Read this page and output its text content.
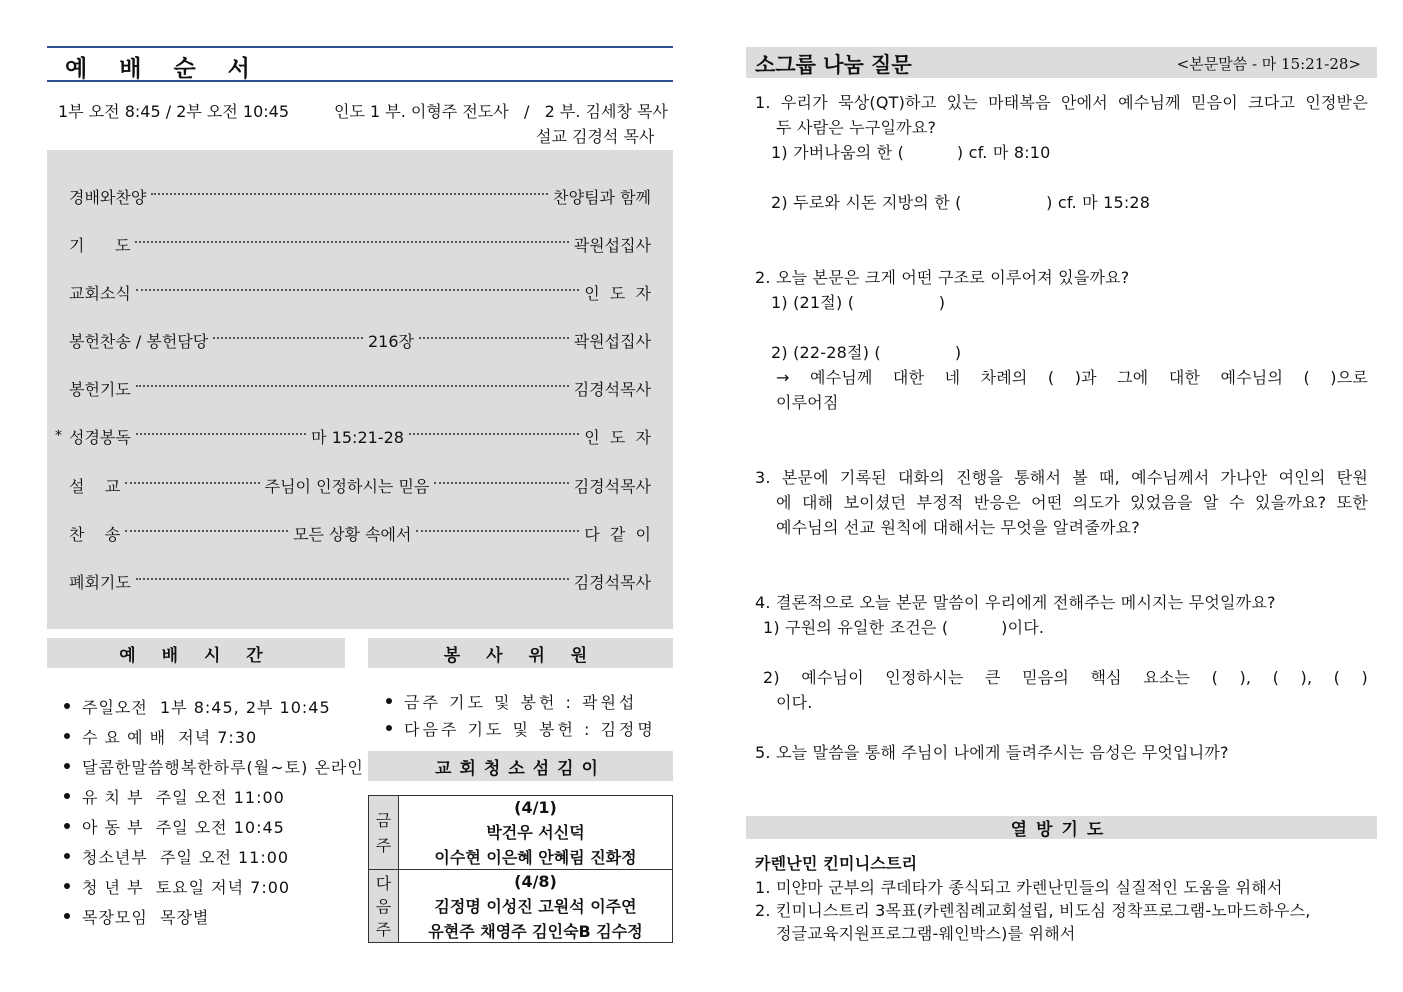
예 배 순 서
1부 오전 8:45 / 2부 오전 10:45	인도 1 부. 이형주 전도사   /   2 부. 김세창 목사
설교 김경석 목사
경배와찬양	찬양팀과 함께
기      도	곽원섭집사
교회소식	인  도  자
봉헌찬송 / 봉헌담당	216장	곽원섭집사
봉헌기도	김경석목사
* 성경봉독	마 15:21-28	인  도  자
설    교	주님이 인정하시는 믿음	김경석목사
찬    송	모든 상황 속에서	다  같  이
폐회기도	김경석목사
예 배 시 간
주일오전  1부 8:45, 2부 10:45
수 요 예 배  저녁 7:30
달콤한말씀행복한하루(월~토) 온라인
유 치 부  주일 오전 11:00
아 동 부  주일 오전 10:45
청소년부  주일 오전 11:00
청 년 부  토요일 저녁 7:00
목장모임  목장별
봉 사 위 원
금주 기도 및 봉헌 : 곽원섭
다음주 기도 및 봉헌 : 김정명
교회청소섬김이
금
주
(4/1)
박건우 서신덕
이수현 이은혜 안혜림 진화정
다
음
주
(4/8)
김정명 이성진 고원석 이주연
유현주 채영주 김인숙B 김수정
소그룹 나눔 질문	<본문말씀 - 마 15:21-28>
1. 우리가 묵상(QT)하고 있는 마태복음 안에서 예수님께 믿음이 크다고 인정받은
두 사람은 누구일까요?
1) 가버나움의 한 (          ) cf. 마 8:10
2) 두로와 시돈 지방의 한 (                ) cf. 마 15:28
2. 오늘 본문은 크게 어떤 구조로 이루어져 있을까요?
1) (21절) (                )
2) (22-28절) (              )
→ 예수님께 대한 네 차례의 ( )과 그에 대한 예수님의 ( )으로
이루어짐
3. 본문에 기록된 대화의 진행을 통해서 볼 때, 예수님께서 가나안 여인의 탄원
에 대해 보이셨던 부정적 반응은 어떤 의도가 있었음을 알 수 있을까요? 또한
예수님의 선교 원칙에 대해서는 무엇을 알려줄까요?
4. 결론적으로 오늘 본문 말씀이 우리에게 전해주는 메시지는 무엇일까요?
1) 구원의 유일한 조건은 (          )이다.
2) 예수님이 인정하시는 큰 믿음의 핵심 요소는 ( ), ( ), ( )
이다.
5. 오늘 말씀을 통해 주님이 나에게 들려주시는 음성은 무엇입니까?
열방기도
카렌난민 킨미니스트리
1. 미얀마 군부의 쿠데타가 종식되고 카렌난민들의 실질적인 도움을 위해서
2. 킨미니스트리 3목표(카렌침례교회설립, 비도심 정착프로그램-노마드하우스,
정글교육지원프로그램-웨인박스)를 위해서
